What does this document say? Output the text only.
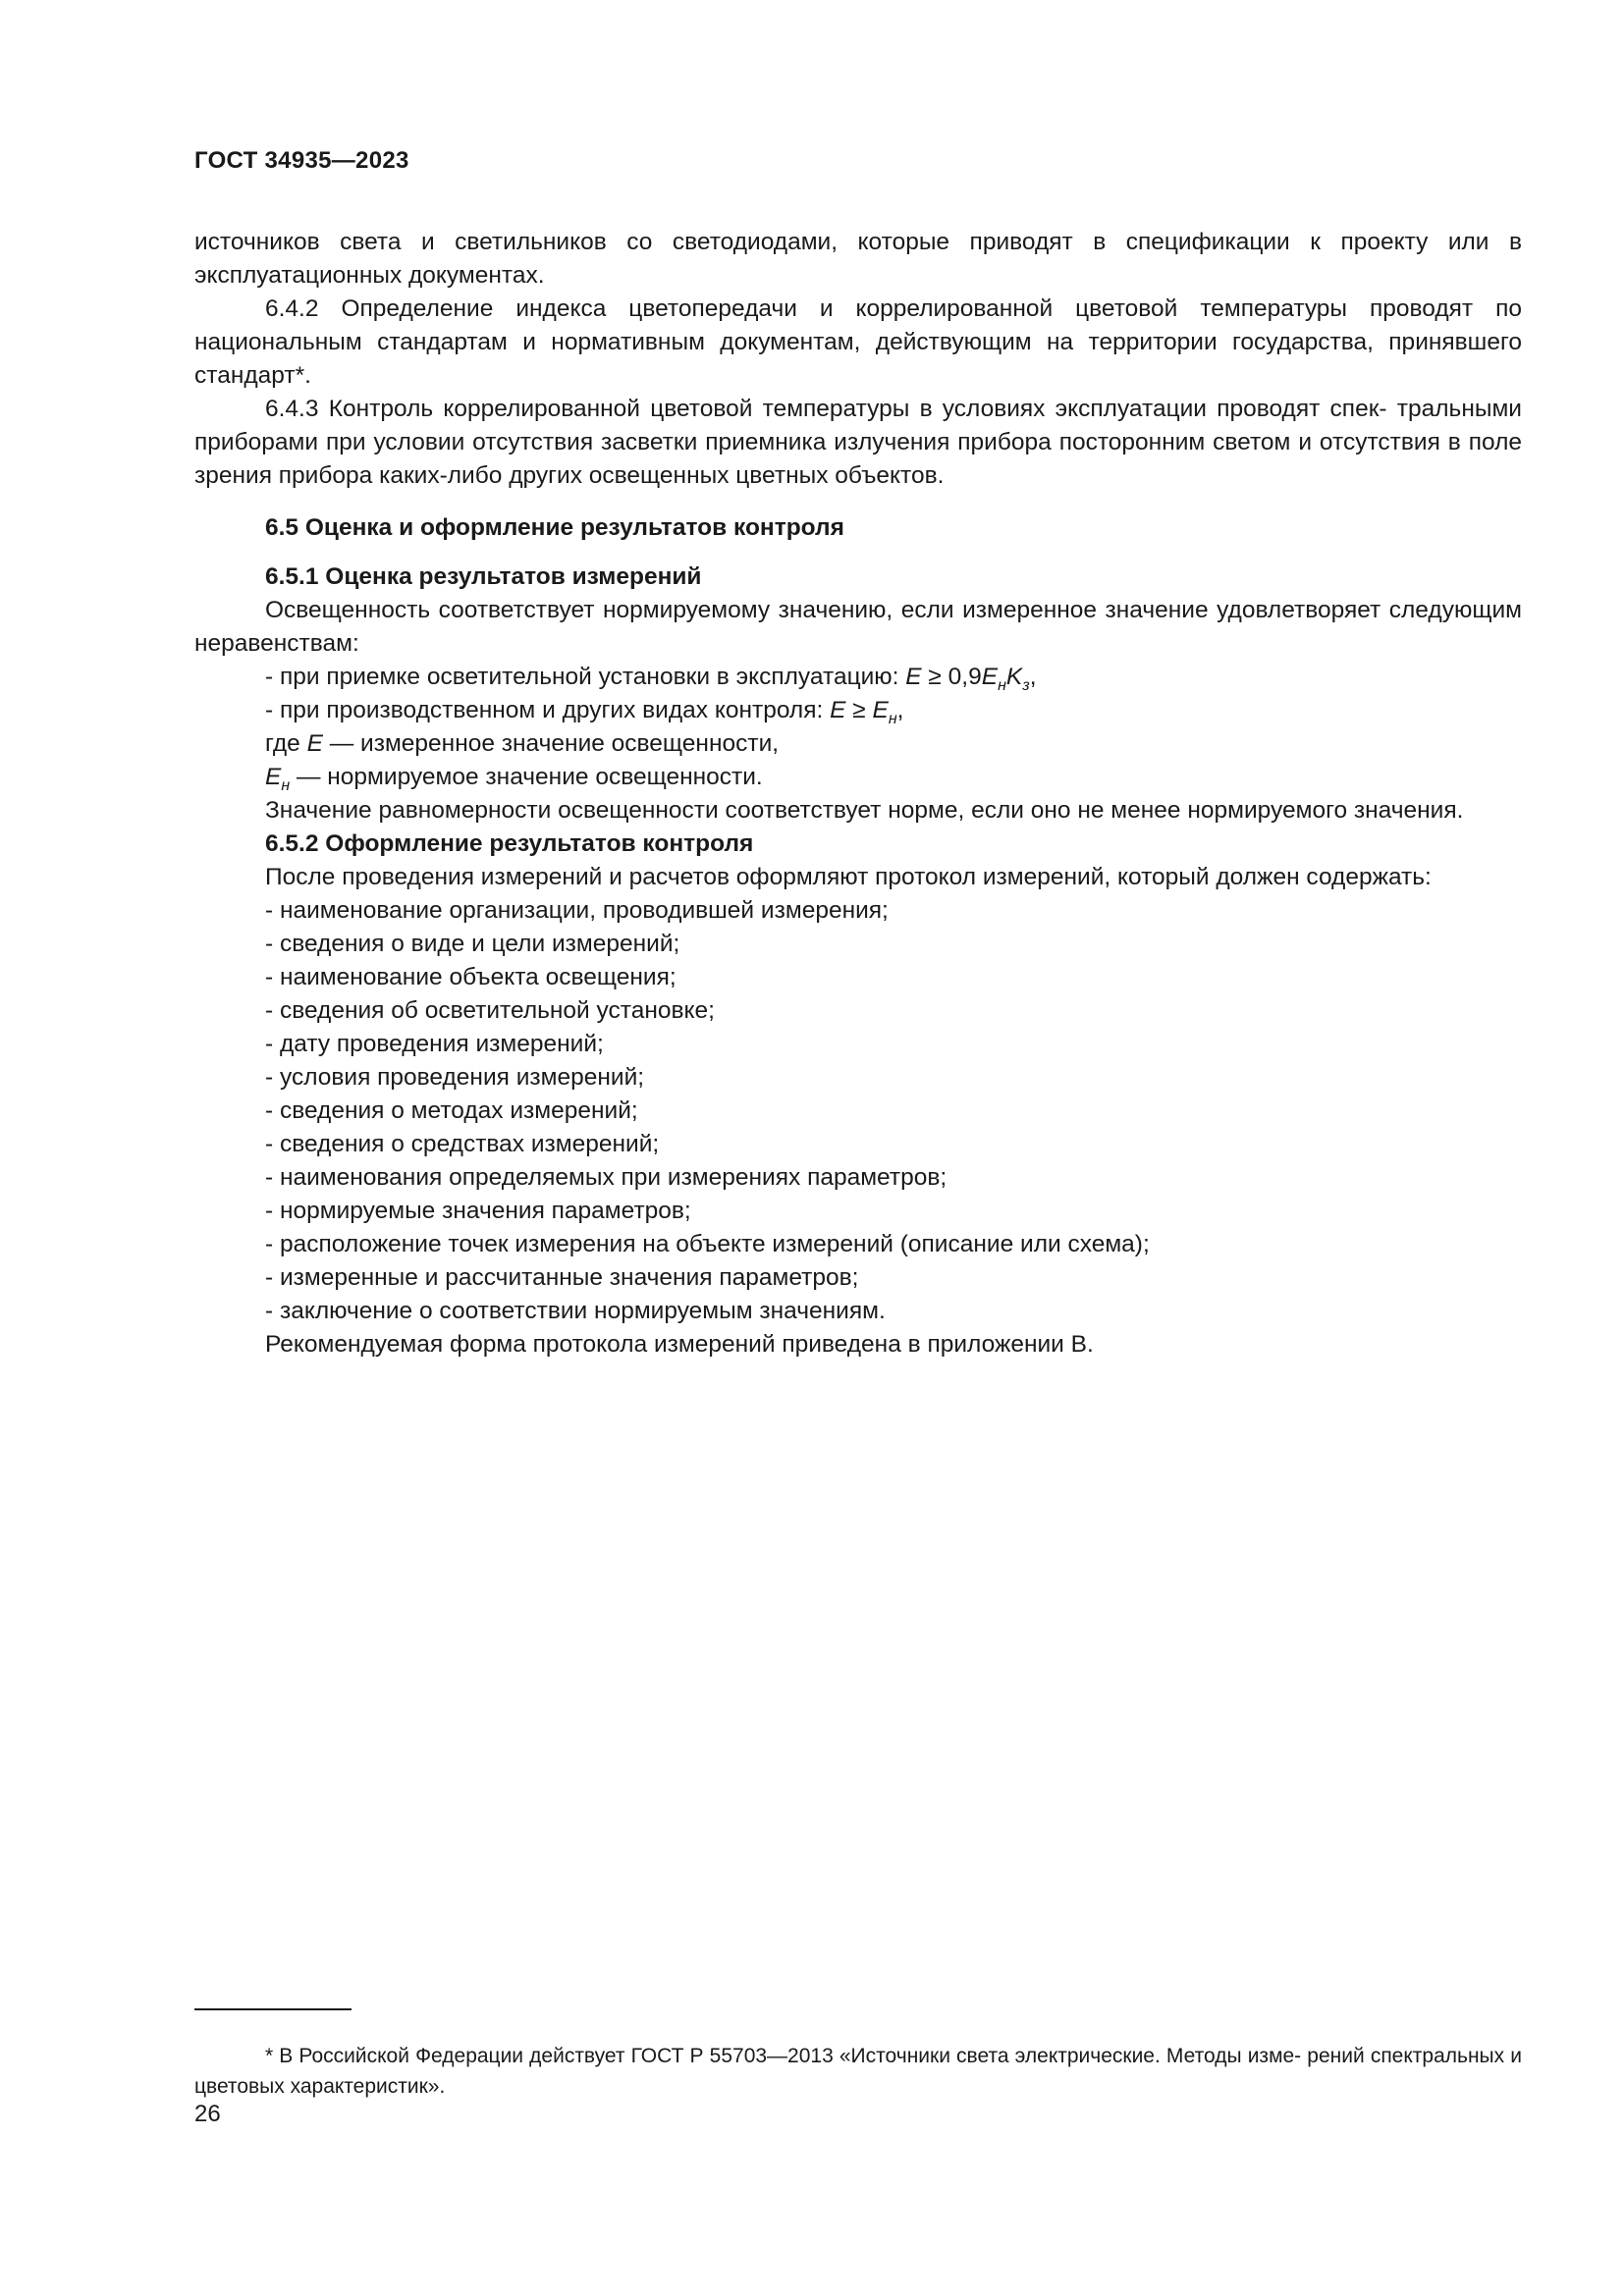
ГОСТ 34935—2023

источников света и светильников со светодиодами, которые приводят в спецификации к проекту или в эксплуатационных документах.

6.4.2 Определение индекса цветопередачи и коррелированной цветовой температуры проводят по национальным стандартам и нормативным документам, действующим на территории государства, принявшего стандарт*.

6.4.3 Контроль коррелированной цветовой температуры в условиях эксплуатации проводят спек- тральными приборами при условии отсутствия засветки приемника излучения прибора посторонним светом и отсутствия в поле зрения прибора каких-либо других освещенных цветных объектов.

6.5 Оценка и оформление результатов контроля

6.5.1 Оценка результатов измерений

Освещенность соответствует нормируемому значению, если измеренное значение удовлетворяет следующим неравенствам:

- при приемке осветительной установки в эксплуатацию: $E \ge 0,9E_нK_з$,

- при производственном и других видах контроля: $E \ge E_н$,

где E — измеренное значение освещенности,

$E_н$ — нормируемое значение освещенности.

Значение равномерности освещенности соответствует норме, если оно не менее нормируемого значения.

6.5.2 Оформление результатов контроля

После проведения измерений и расчетов оформляют протокол измерений, который должен содержать:

- наименование организации, проводившей измерения;

- сведения о виде и цели измерений;

- наименование объекта освещения;

- сведения об осветительной установке;

- дату проведения измерений;

- условия проведения измерений;

- сведения о методах измерений;

- сведения о средствах измерений;

- наименования определяемых при измерениях параметров;

- нормируемые значения параметров;

- расположение точек измерения на объекте измерений (описание или схема);

- измеренные и рассчитанные значения параметров;

- заключение о соответствии нормируемым значениям.

Рекомендуемая форма протокола измерений приведена в приложении В.

* В Российской Федерации действует ГОСТ Р 55703—2013 «Источники света электрические. Методы изме- рений спектральных и цветовых характеристик».

26
